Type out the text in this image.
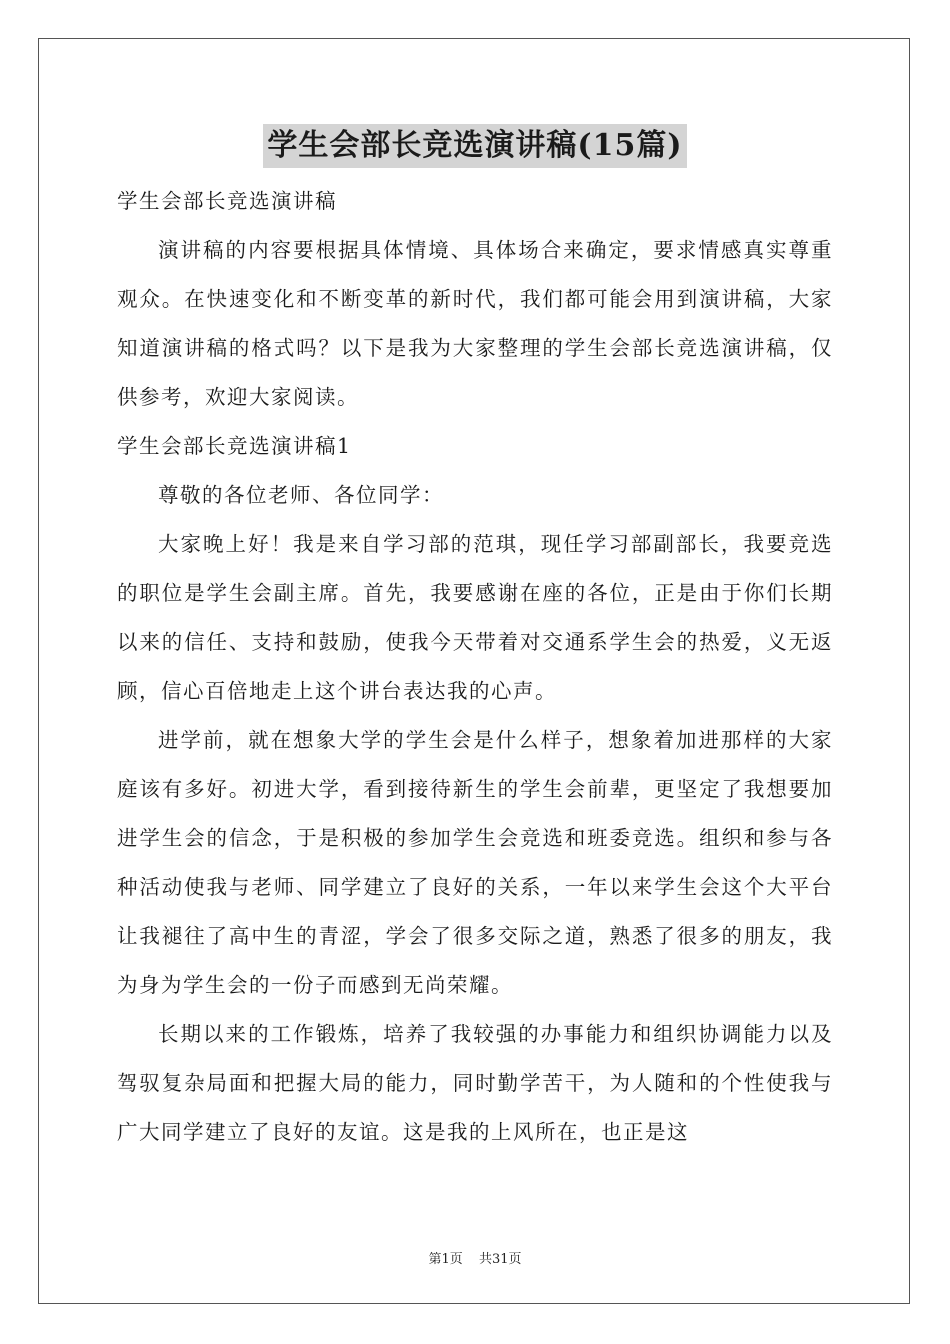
学生会部长竞选演讲稿(15篇)

学生会部长竞选演讲稿

演讲稿的内容要根据具体情境、具体场合来确定，要求情感真实尊重观众。在快速变化和不断变革的新时代，我们都可能会用到演讲稿，大家知道演讲稿的格式吗？以下是我为大家整理的学生会部长竞选演讲稿，仅供参考，欢迎大家阅读。

学生会部长竞选演讲稿1

尊敬的各位老师、各位同学：

大家晚上好！我是来自学习部的范琪，现任学习部副部长，我要竞选的职位是学生会副主席。首先，我要感谢在座的各位，正是由于你们长期以来的信任、支持和鼓励，使我今天带着对交通系学生会的热爱，义无返顾，信心百倍地走上这个讲台表达我的心声。

进学前，就在想象大学的学生会是什么样子，想象着加进那样的大家庭该有多好。初进大学，看到接待新生的学生会前辈，更坚定了我想要加进学生会的信念，于是积极的参加学生会竞选和班委竞选。组织和参与各种活动使我与老师、同学建立了良好的关系，一年以来学生会这个大平台让我褪往了高中生的青涩，学会了很多交际之道，熟悉了很多的朋友，我为身为学生会的一份子而感到无尚荣耀。

长期以来的工作锻炼，培养了我较强的办事能力和组织协调能力以及驾驭复杂局面和把握大局的能力，同时勤学苦干，为人随和的个性使我与广大同学建立了良好的友谊。这是我的上风所在，也正是这

第1页 共31页
